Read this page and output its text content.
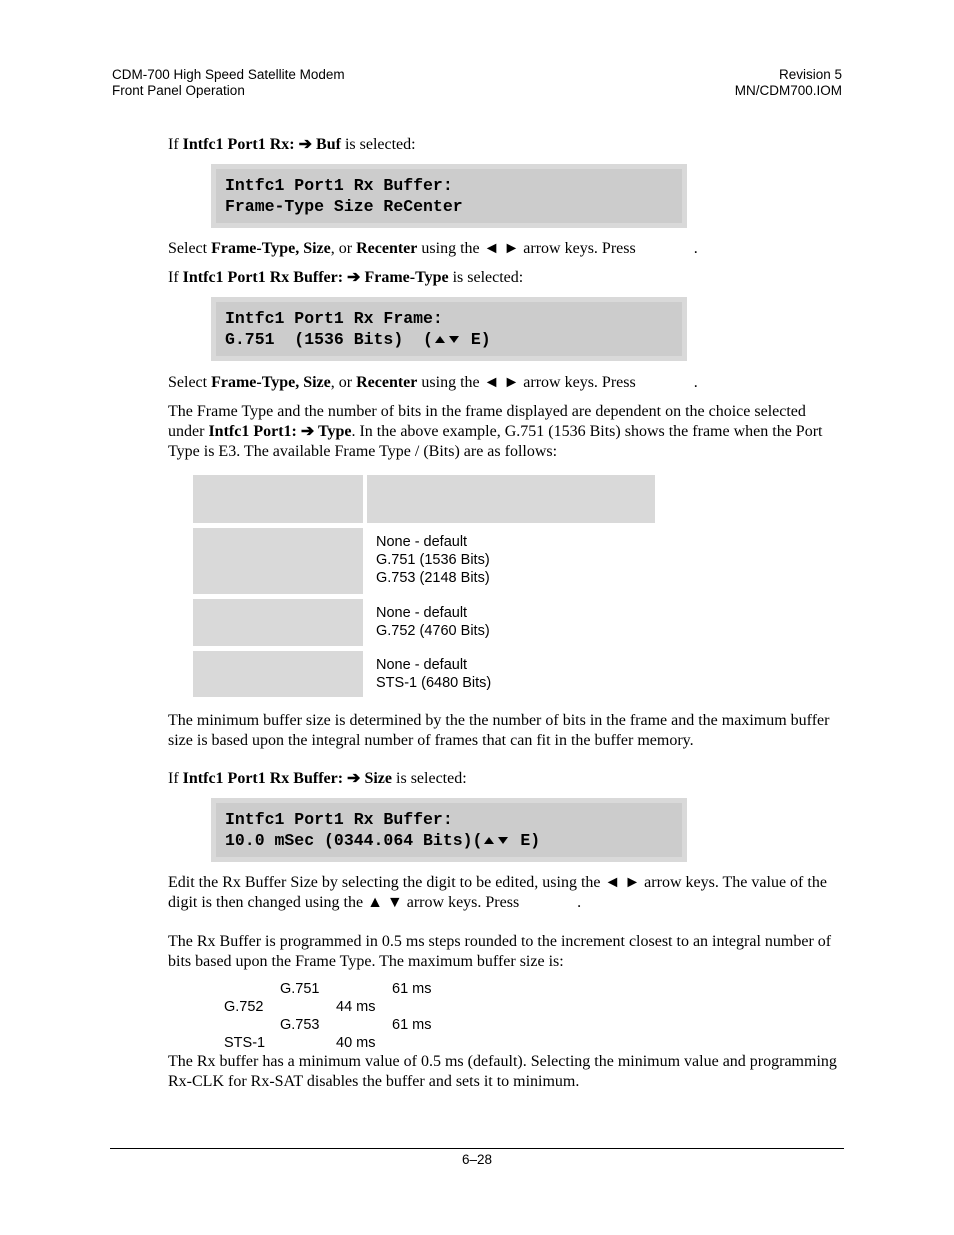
CDM-700 High Speed Satellite Modem
Front Panel Operation
Revision 5
MN/CDM700.IOM
If Intfc1 Port1 Rx: ➔ Buf is selected:
Intfc1 Port1 Rx Buffer:
Frame-Type Size ReCenter
Select Frame-Type, Size, or Recenter using the ◄ ► arrow keys. Press	.
If Intfc1 Port1 Rx Buffer: ➔ Frame-Type is selected:
Intfc1 Port1 Rx Frame:
G.751  (1536 Bits)  ( E)
Select Frame-Type, Size, or Recenter using the ◄ ► arrow keys. Press	.
The Frame Type and the number of bits in the frame displayed are dependent on the choice selected under Intfc1 Port1: ➔ Type. In the above example, G.751 (1536 Bits) shows the frame when the Port Type is E3. The available Frame Type / (Bits) are as follows:
None - default
G.751 (1536 Bits)
G.753 (2148 Bits)
None - default
G.752 (4760 Bits)
None - default
STS-1 (6480 Bits)
The minimum buffer size is determined by the the number of bits in the frame and the maximum buffer size is based upon the integral number of frames that can fit in the buffer memory.
If Intfc1 Port1 Rx Buffer: ➔ Size is selected:
Intfc1 Port1 Rx Buffer:
10.0 mSec (0344.064 Bits)( E)
Edit the Rx Buffer Size by selecting the digit to be edited, using the ◄ ► arrow keys. The value of the digit is then changed using the ▲ ▼ arrow keys. Press	.
The Rx Buffer is programmed in 0.5 ms steps rounded to the increment closest to an integral number of bits based upon the Frame Type. The maximum buffer size is:
G.751	61 ms
G.752	44 ms
G.753	61 ms
STS-1	40 ms
The Rx buffer has a minimum value of 0.5 ms (default). Selecting the minimum value and programming Rx-CLK for Rx-SAT disables the buffer and sets it to minimum.
6–28
